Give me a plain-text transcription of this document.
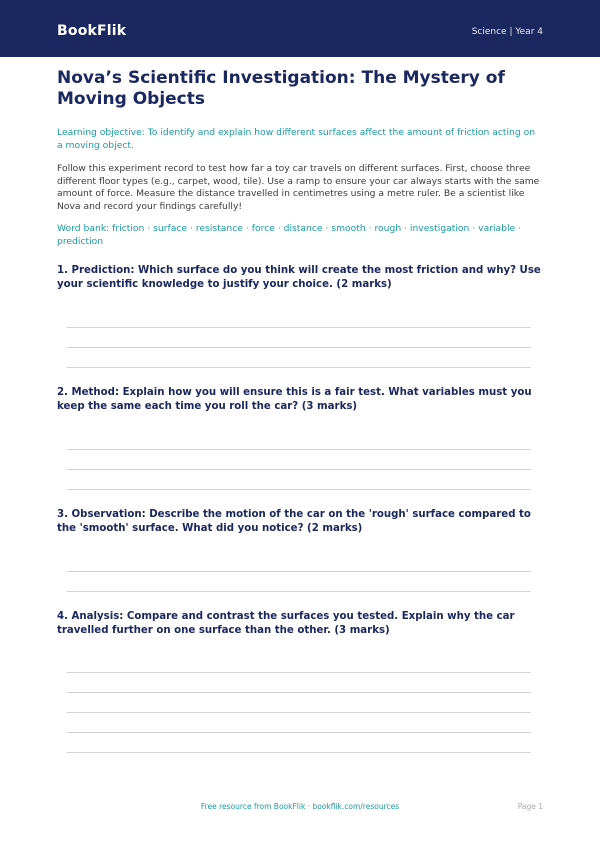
BookFlik	Science | Year 4
Nova’s Scientific Investigation: The Mystery of Moving Objects

Learning objective: To identify and explain how different surfaces affect the amount of friction acting on a moving object.

Follow this experiment record to test how far a toy car travels on different surfaces. First, choose three different floor types (e.g., carpet, wood, tile). Use a ramp to ensure your car always starts with the same amount of force. Measure the distance travelled in centimetres using a metre ruler. Be a scientist like Nova and record your findings carefully!

Word bank: friction · surface · resistance · force · distance · smooth · rough · investigation · variable · prediction

1. Prediction: Which surface do you think will create the most friction and why? Use your scientific knowledge to justify your choice. (2 marks)

2. Method: Explain how you will ensure this is a fair test. What variables must you keep the same each time you roll the car? (3 marks)

3. Observation: Describe the motion of the car on the 'rough' surface compared to the 'smooth' surface. What did you notice? (2 marks)

4. Analysis: Compare and contrast the surfaces you tested. Explain why the car travelled further on one surface than the other. (3 marks)

Free resource from BookFlik · bookflik.com/resources	Page 1
